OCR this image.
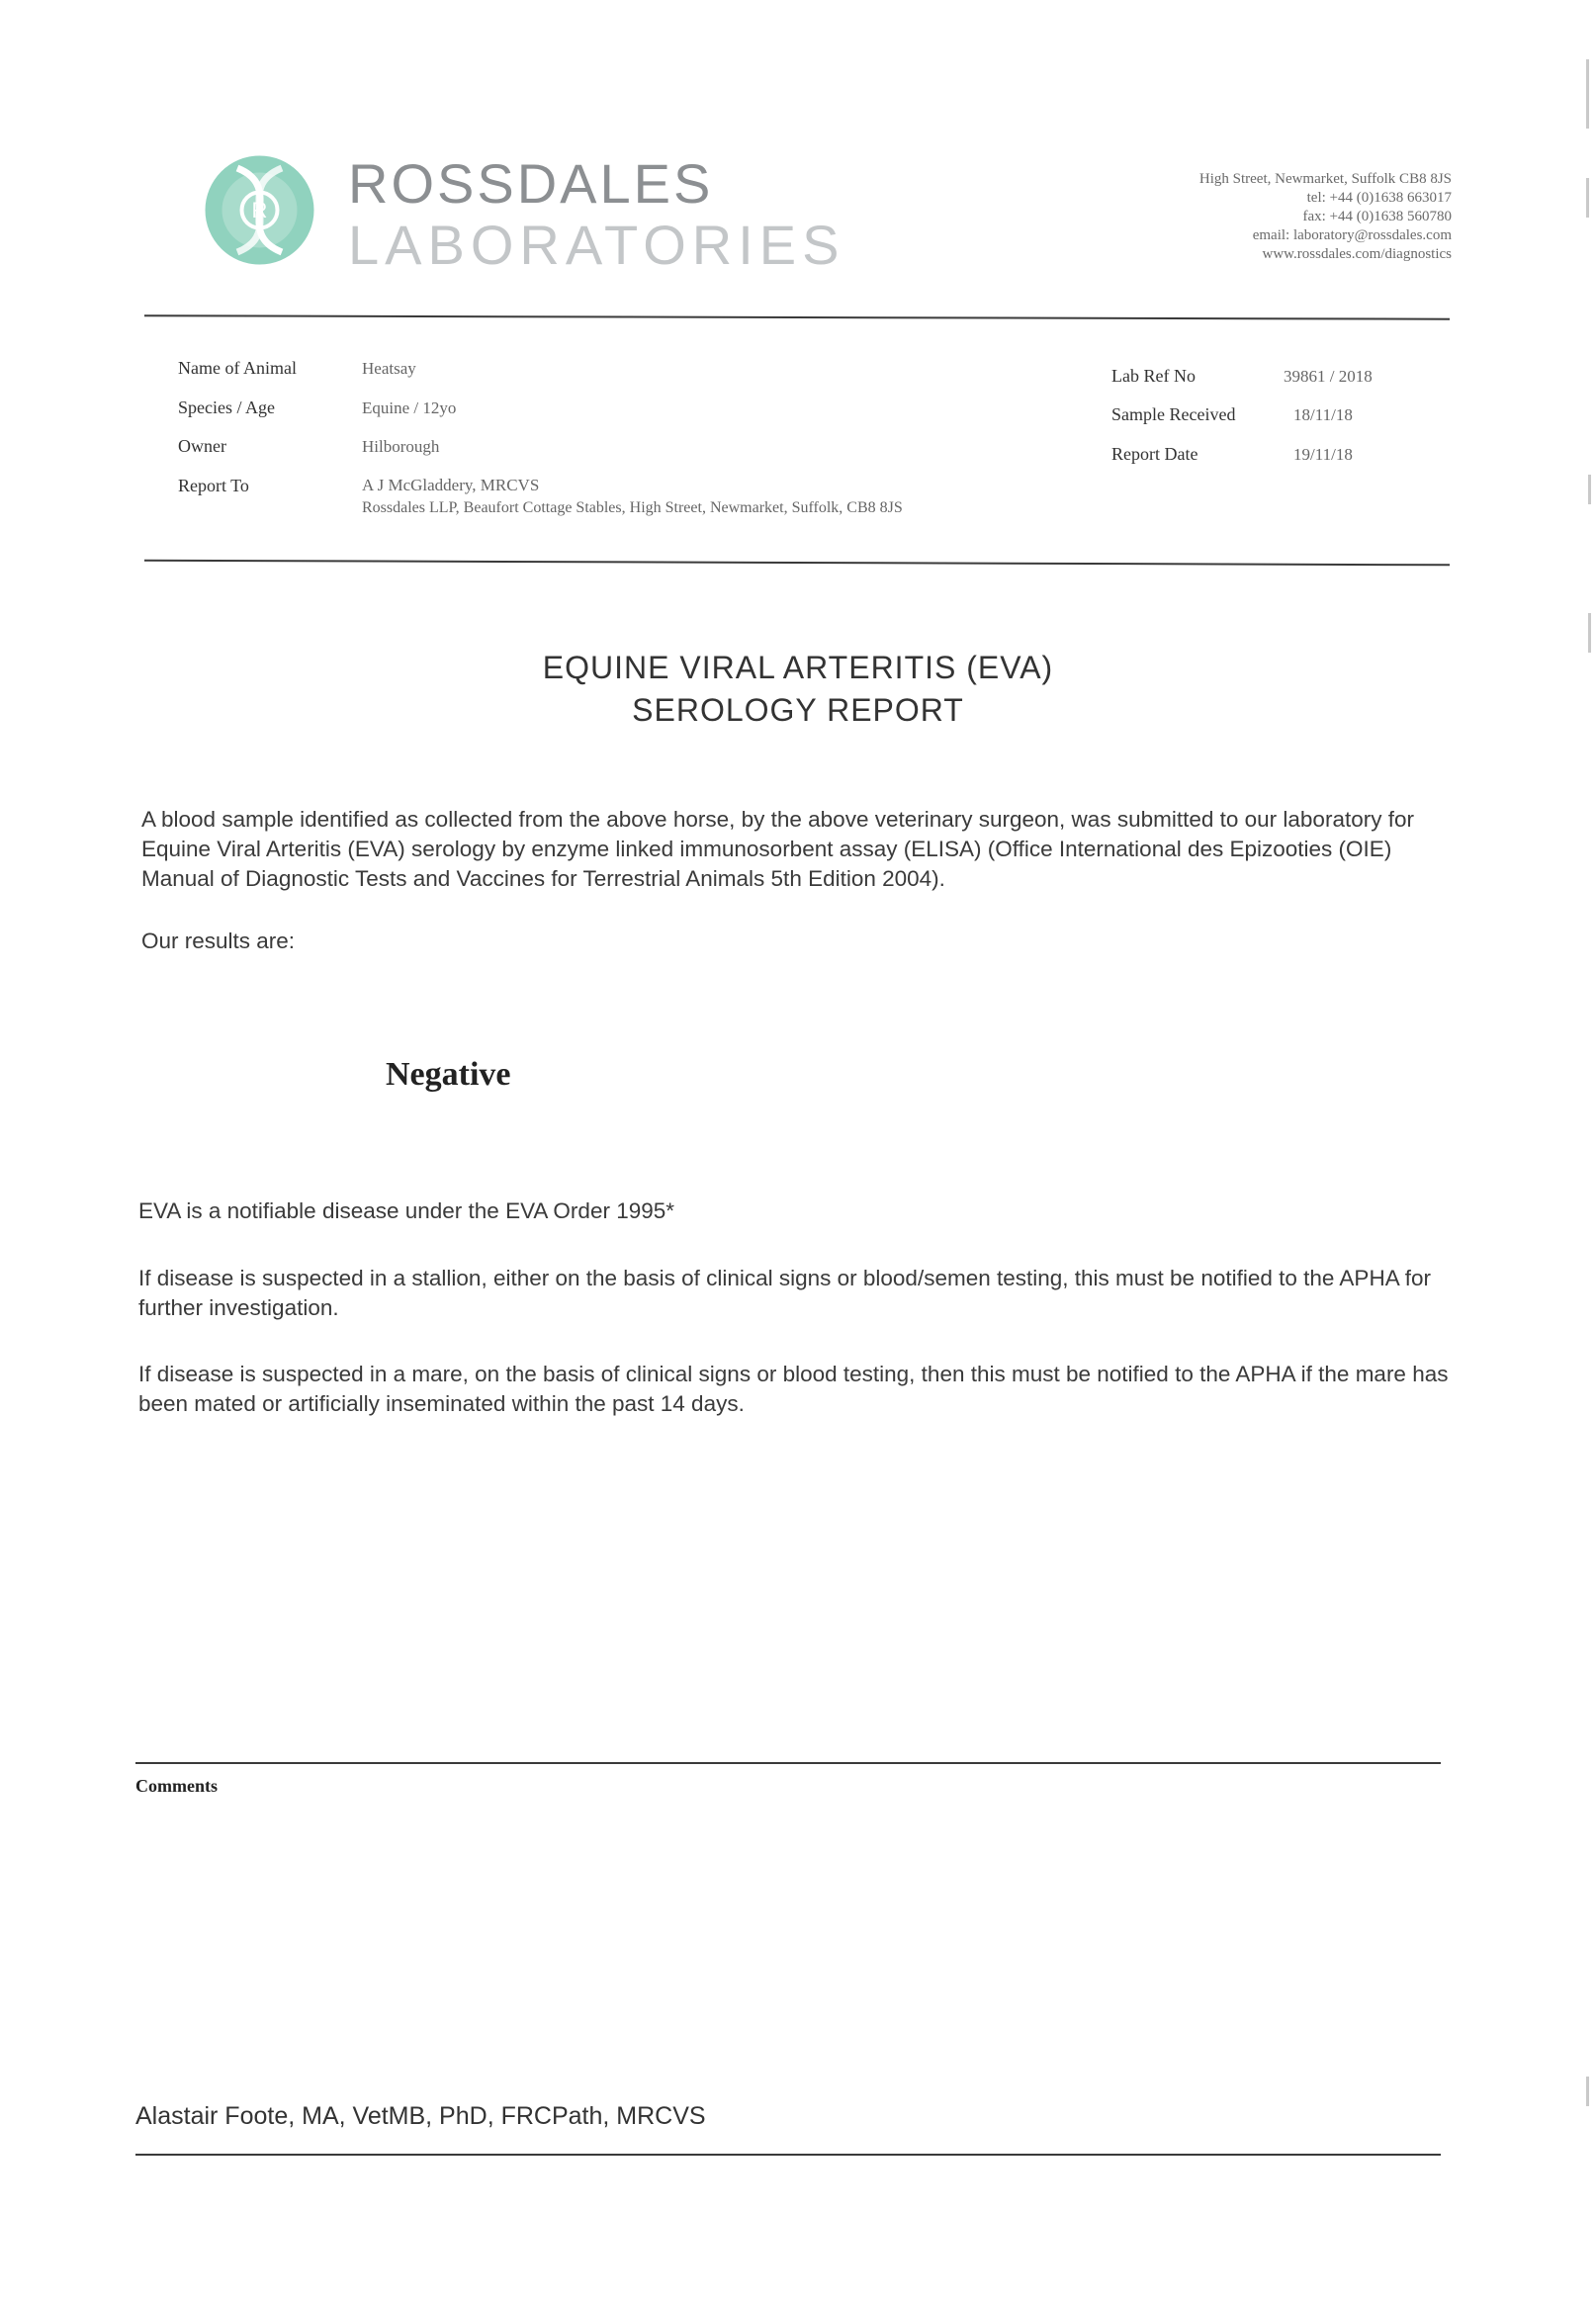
R ROSSDALES
LABORATORIES
High Street, Newmarket, Suffolk CB8 8JS
tel: +44 (0)1638 663017
fax: +44 (0)1638 560780
email: laboratory@rossdales.com
www.rossdales.com/diagnostics
Name of Animal	Heatsay
Species / Age	Equine / 12yo
Owner	Hilborough
Report To	A J McGladdery, MRCVS
Rossdales LLP, Beaufort Cottage Stables, High Street, Newmarket, Suffolk, CB8 8JS
Lab Ref No	39861 / 2018
Sample Received	18/11/18
Report Date	19/11/18
EQUINE VIRAL ARTERITIS (EVA)
SEROLOGY REPORT
A blood sample identified as collected from the above horse, by the above veterinary surgeon, was submitted to our laboratory for Equine Viral Arteritis (EVA) serology by enzyme linked immunosorbent assay (ELISA) (Office International des Epizooties (OIE) Manual of Diagnostic Tests and Vaccines for Terrestrial Animals 5th Edition 2004).
Our results are:
Negative
EVA is a notifiable disease under the EVA Order 1995*
If disease is suspected in a stallion, either on the basis of clinical signs or blood/semen testing, this must be notified to the APHA for further investigation.
If disease is suspected in a mare, on the basis of clinical signs or blood testing, then this must be notified to the APHA if the mare has been mated or artificially inseminated within the past 14 days.
Comments
Alastair Foote, MA, VetMB, PhD, FRCPath, MRCVS
